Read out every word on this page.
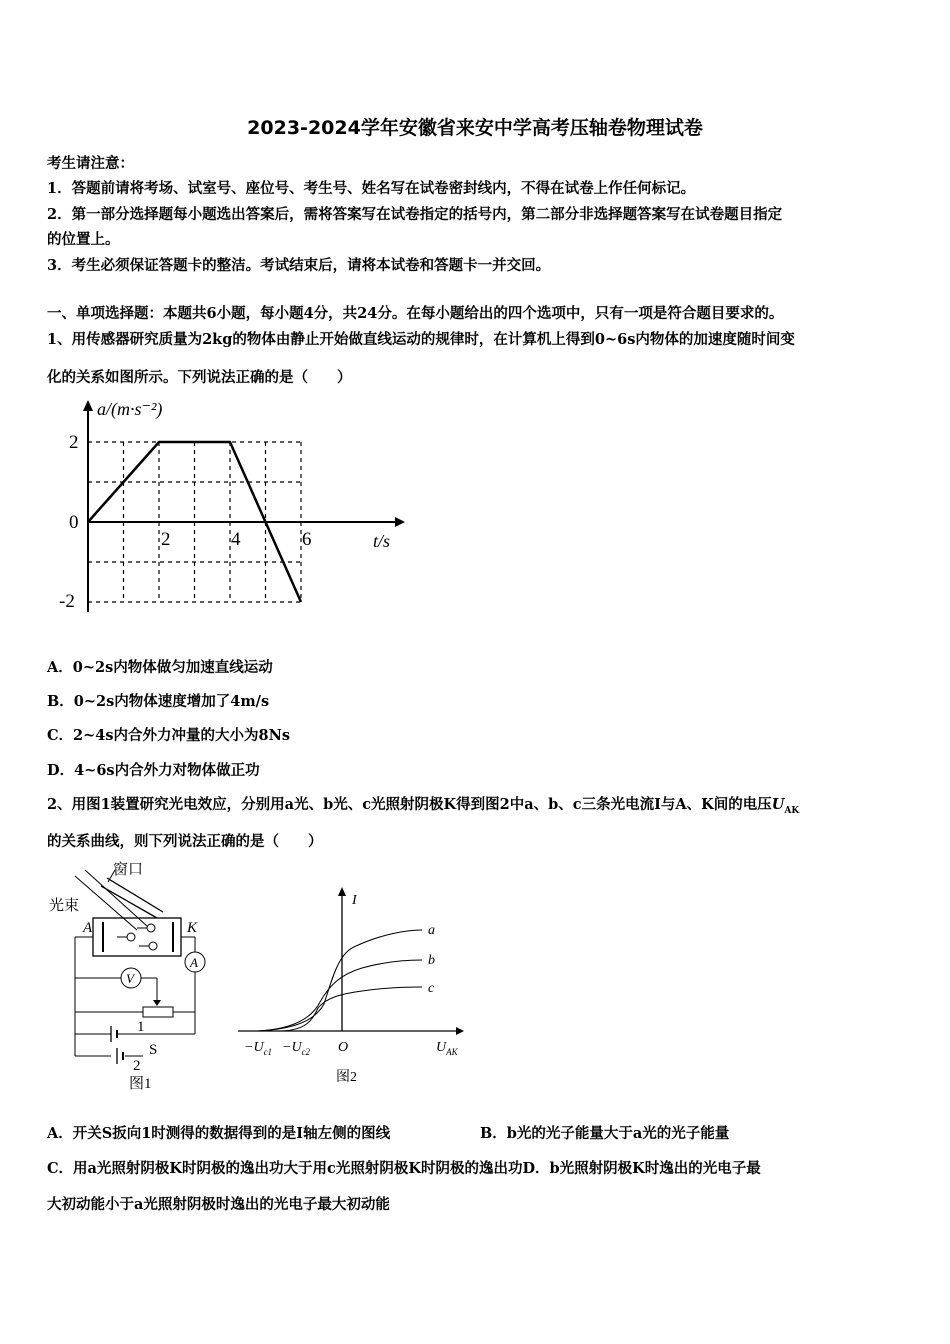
2023-2024学年安徽省来安中学高考压轴卷物理试卷
考生请注意：
1．答题前请将考场、试室号、座位号、考生号、姓名写在试卷密封线内，不得在试卷上作任何标记。
2．第一部分选择题每小题选出答案后，需将答案写在试卷指定的括号内，第二部分非选择题答案写在试卷题目指定
的位置上。
3．考生必须保证答题卡的整洁。考试结束后，请将本试卷和答题卡一并交回。
一、单项选择题：本题共6小题，每小题4分，共24分。在每小题给出的四个选项中，只有一项是符合题目要求的。
1、用传感器研究质量为2kg的物体由静止开始做直线运动的规律时，在计算机上得到0~6s内物体的加速度随时间变
化的关系如图所示。下列说法正确的是（　　）
a/(m·s⁻²)
t/s
2
0
-2
2	4	6
A．0~2s内物体做匀加速直线运动
B．0~2s内物体速度增加了4m/s
C．2~4s内合外力冲量的大小为8Ns
D．4~6s内合外力对物体做正功
2、用图1装置研究光电效应，分别用a光、b光、c光照射阴极K得到图2中a、b、c三条光电流I与A、K间的电压$U_{AK}$
的关系曲线，则下列说法正确的是（　　）
窗口
光束
A	K
A
V
1
S
2
图1
I
a
b
c
$-U_{c1} -U_{c2}$ O	$U_{AK}$
图2
A．开关S扳向1时测得的数据得到的是I轴左侧的图线	B．b光的光子能量大于a光的光子能量
C．用a光照射阴极K时阴极的逸出功大于用c光照射阴极K时阴极的逸出功D．b光照射阴极K时逸出的光电子最
大初动能小于a光照射阴极时逸出的光电子最大初动能
